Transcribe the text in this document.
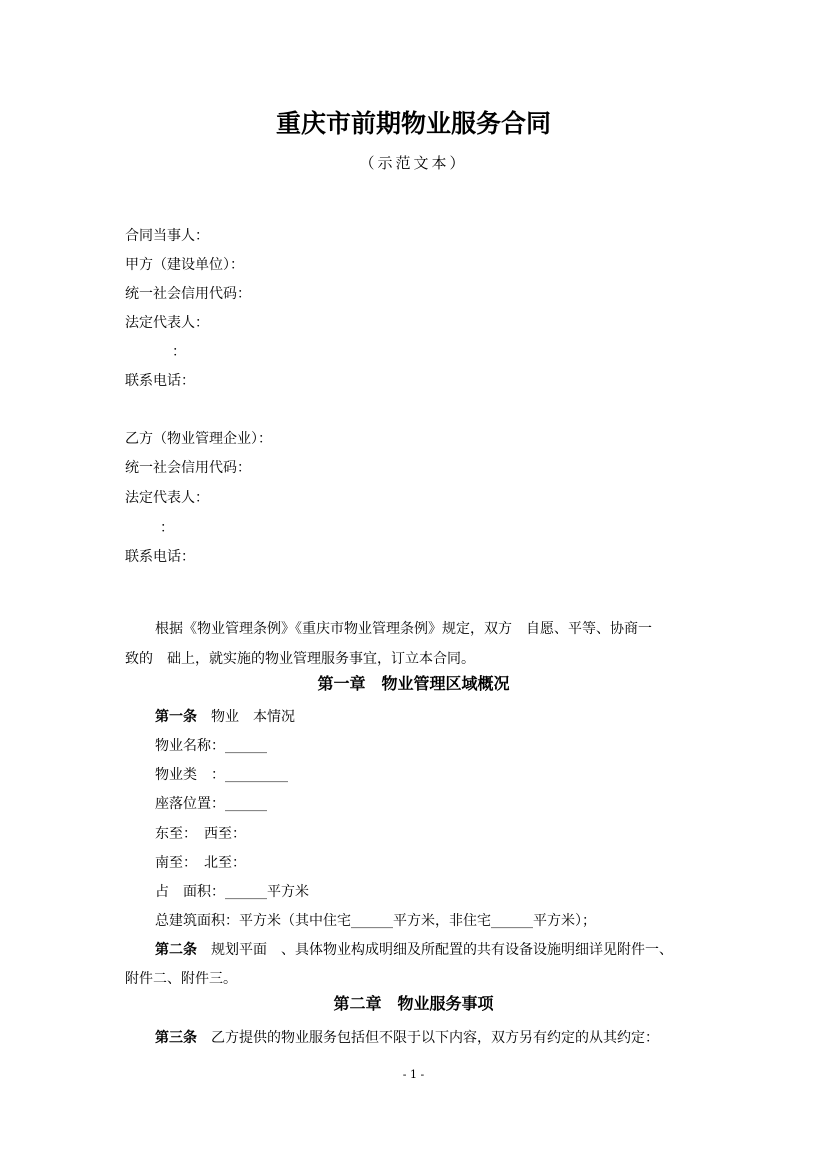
重庆市前期物业服务合同
（示范文本）
合同当事人：
甲方（建设单位）：
统一社会信用代码：
法定代表人：
：
联系电话：
乙方（物业管理企业）：
统一社会信用代码：
法定代表人：
：
联系电话：
根据《物业管理条例》《重庆市物业管理条例》规定，双方　自愿、平等、协商一
致的　础上，就实施的物业管理服务事宜，订立本合同。
第一章　物业管理区域概况
第一条　物业　本情况
物业名称：______
物业类　：_________
座落位置：______
东至：　西至：
南至：　北至：
占　面积：______平方米
总建筑面积：平方米（其中住宅______平方米，非住宅______平方米）；
第二条　规划平面　、具体物业构成明细及所配置的共有设备设施明细详见附件一、
附件二、附件三。
第二章　物业服务事项
第三条　乙方提供的物业服务包括但不限于以下内容，双方另有约定的从其约定：
- 1 -
